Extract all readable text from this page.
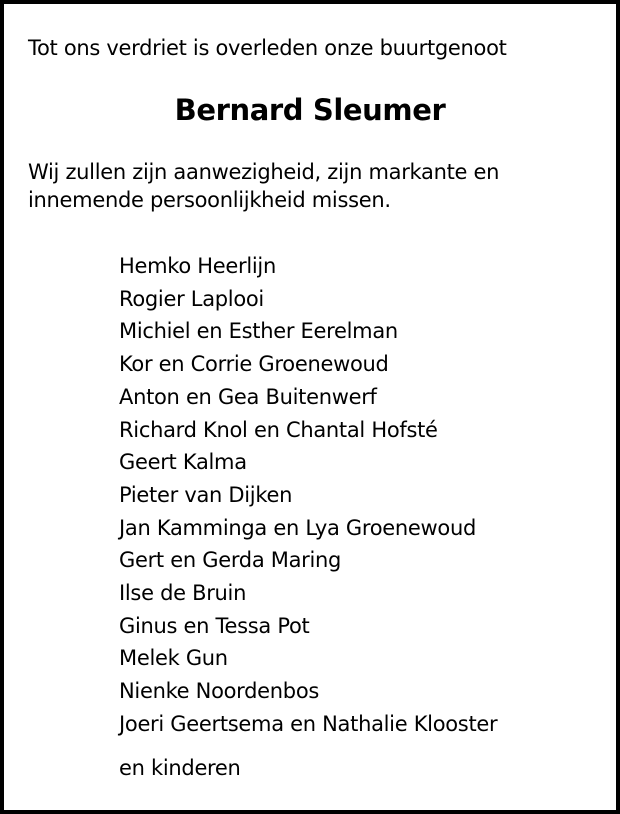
Tot ons verdriet is overleden onze buurtgenoot
Bernard Sleumer
Wij zullen zijn aanwezigheid, zijn markante en
innemende persoonlijkheid missen.
Hemko Heerlijn
Rogier Laplooi
Michiel en Esther Eerelman
Kor en Corrie Groenewoud
Anton en Gea Buitenwerf
Richard Knol en Chantal Hofsté
Geert Kalma
Pieter van Dijken
Jan Kamminga en Lya Groenewoud
Gert en Gerda Maring
Ilse de Bruin
Ginus en Tessa Pot
Melek Gun
Nienke Noordenbos
Joeri Geertsema en Nathalie Klooster
en kinderen
